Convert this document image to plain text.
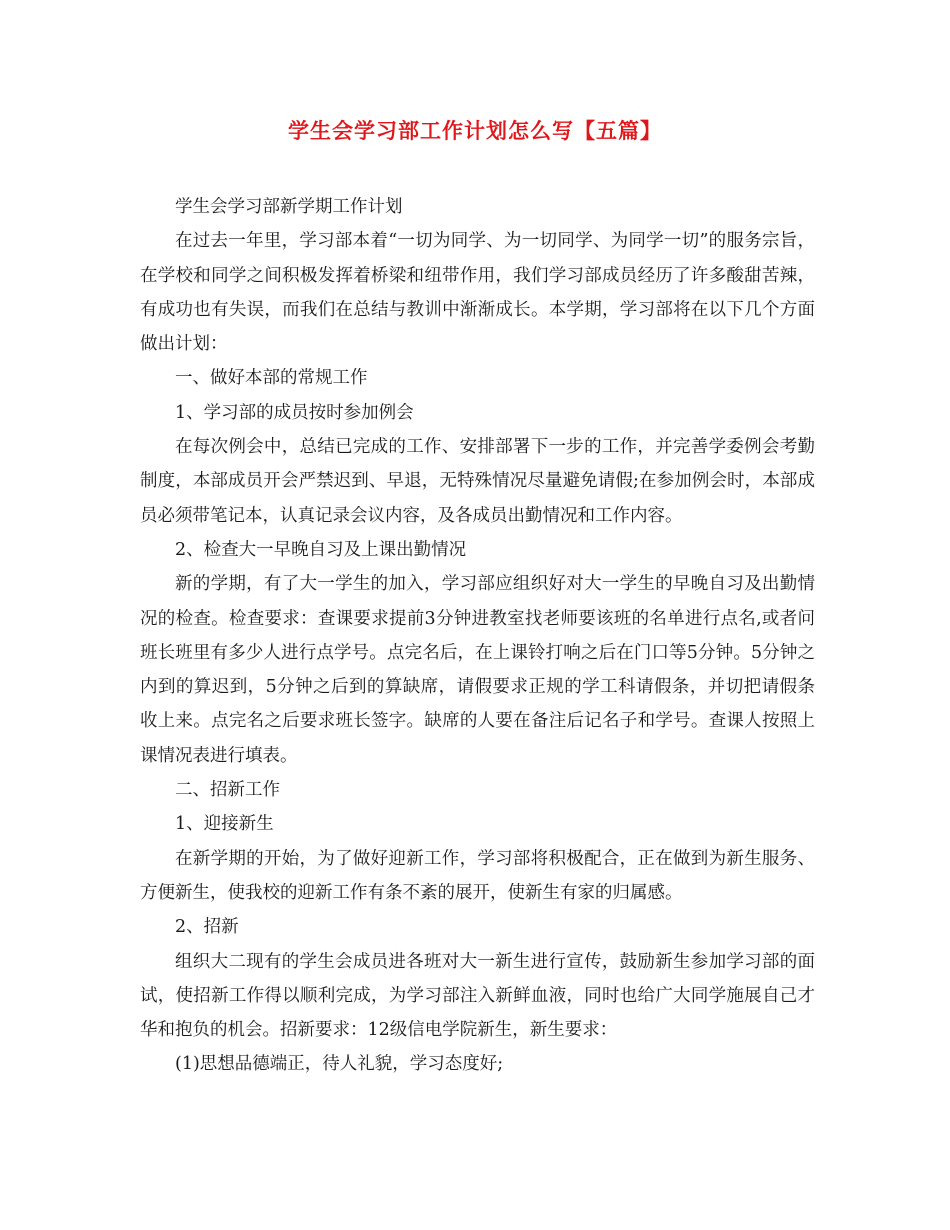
学生会学习部工作计划怎么写【五篇】

学生会学习部新学期工作计划

在过去一年里，学习部本着“一切为同学、为一切同学、为同学一切”的服务宗旨，在学校和同学之间积极发挥着桥梁和纽带作用，我们学习部成员经历了许多酸甜苦辣，有成功也有失误，而我们在总结与教训中渐渐成长。本学期，学习部将在以下几个方面做出计划：

一、做好本部的常规工作

1、学习部的成员按时参加例会

在每次例会中，总结已完成的工作、安排部署下一步的工作，并完善学委例会考勤制度，本部成员开会严禁迟到、早退，无特殊情况尽量避免请假;在参加例会时，本部成员必须带笔记本，认真记录会议内容，及各成员出勤情况和工作内容。

2、检查大一早晚自习及上课出勤情况

新的学期，有了大一学生的加入，学习部应组织好对大一学生的早晚自习及出勤情况的检查。检查要求：查课要求提前3分钟进教室找老师要该班的名单进行点名,或者问班长班里有多少人进行点学号。点完名后，在上课铃打响之后在门口等5分钟。5分钟之内到的算迟到，5分钟之后到的算缺席，请假要求正规的学工科请假条，并切把请假条收上来。点完名之后要求班长签字。缺席的人要在备注后记名子和学号。查课人按照上课情况表进行填表。

二、招新工作

1、迎接新生

在新学期的开始，为了做好迎新工作，学习部将积极配合，正在做到为新生服务、方便新生，使我校的迎新工作有条不紊的展开，使新生有家的归属感。

2、招新

组织大二现有的学生会成员进各班对大一新生进行宣传，鼓励新生参加学习部的面试，使招新工作得以顺利完成，为学习部注入新鲜血液，同时也给广大同学施展自己才华和抱负的机会。招新要求：12级信电学院新生，新生要求：

(1)思想品德端正，待人礼貌，学习态度好;
